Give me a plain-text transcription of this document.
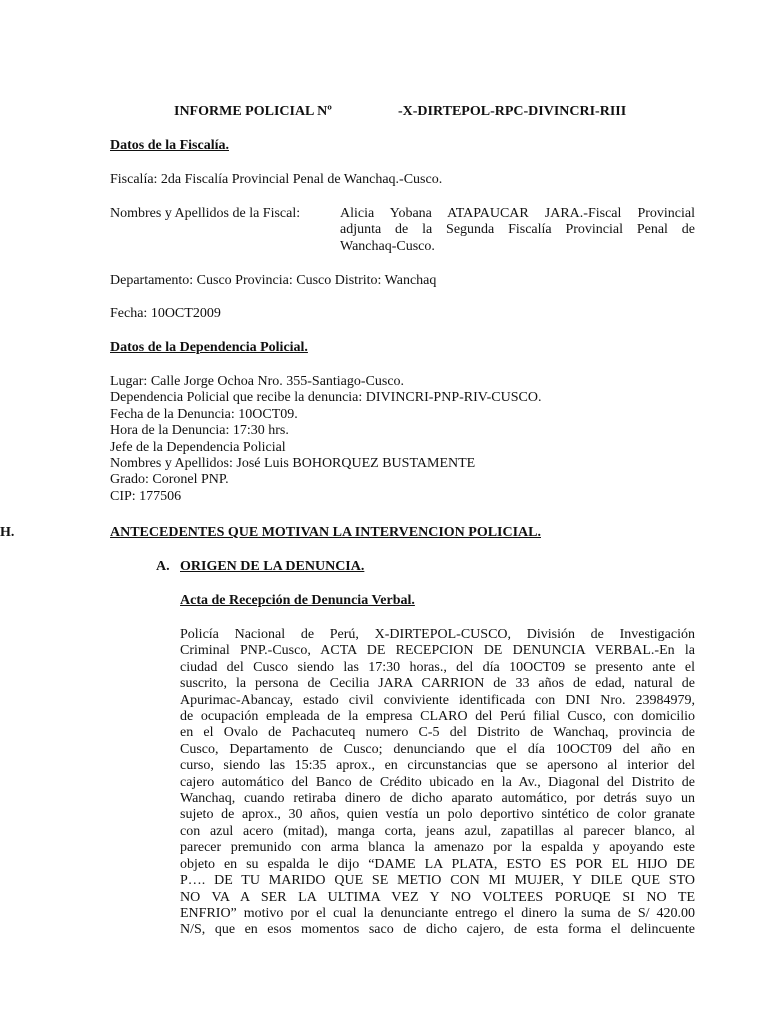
INFORME POLICIAL Nº	-X-DIRTEPOL-RPC-DIVINCRI-RIII
Datos de la Fiscalía.
Fiscalía: 2da Fiscalía Provincial Penal de Wanchaq.-Cusco.
Nombres y Apellidos de la Fiscal:	Alicia Yobana ATAPAUCAR JARA.-Fiscal Provincial
adjunta de la Segunda Fiscalía Provincial Penal de
Wanchaq-Cusco.
Departamento: Cusco Provincia: Cusco Distrito: Wanchaq
Fecha: 10OCT2009
Datos de la Dependencia Policial.
Lugar: Calle Jorge Ochoa Nro. 355-Santiago-Cusco.
Dependencia Policial que recibe la denuncia: DIVINCRI-PNP-RIV-CUSCO.
Fecha de la Denuncia: 10OCT09.
Hora de la Denuncia: 17:30 hrs.
Jefe de la Dependencia Policial
Nombres y Apellidos: José Luis BOHORQUEZ BUSTAMENTE
Grado: Coronel PNP.
CIP: 177506
H.	ANTECEDENTES QUE MOTIVAN LA INTERVENCION POLICIAL.
A. ORIGEN DE LA DENUNCIA.
Acta de Recepción de Denuncia Verbal.
Policía Nacional de Perú, X-DIRTEPOL-CUSCO, División de Investigación
Criminal PNP.-Cusco, ACTA DE RECEPCION DE DENUNCIA VERBAL.-En la
ciudad del Cusco siendo las 17:30 horas., del día 10OCT09 se presento ante el
suscrito, la persona de Cecilia JARA CARRION de 33 años de edad, natural de
Apurimac-Abancay, estado civil conviviente identificada con DNI Nro. 23984979,
de ocupación empleada de la empresa CLARO del Perú filial Cusco, con domicilio
en el Ovalo de Pachacuteq numero C-5 del Distrito de Wanchaq, provincia de
Cusco, Departamento de Cusco; denunciando que el día 10OCT09 del año en
curso, siendo las 15:35 aprox., en circunstancias que se apersono al interior del
cajero automático del Banco de Crédito ubicado en la Av., Diagonal del Distrito de
Wanchaq, cuando retiraba dinero de dicho aparato automático, por detrás suyo un
sujeto de aprox., 30 años, quien vestía un polo deportivo sintético de color granate
con azul acero (mitad), manga corta, jeans azul, zapatillas al parecer blanco, al
parecer premunido con arma blanca la amenazo por la espalda y apoyando este
objeto en su espalda le dijo “DAME LA PLATA, ESTO ES POR EL HIJO DE
P…. DE TU MARIDO QUE SE METIO CON MI MUJER, Y DILE QUE STO
NO VA A SER LA ULTIMA VEZ Y NO VOLTEES PORUQE SI NO TE
ENFRIO” motivo por el cual la denunciante entrego el dinero la suma de S/ 420.00
N/S, que en esos momentos saco de dicho cajero, de esta forma el delincuente
